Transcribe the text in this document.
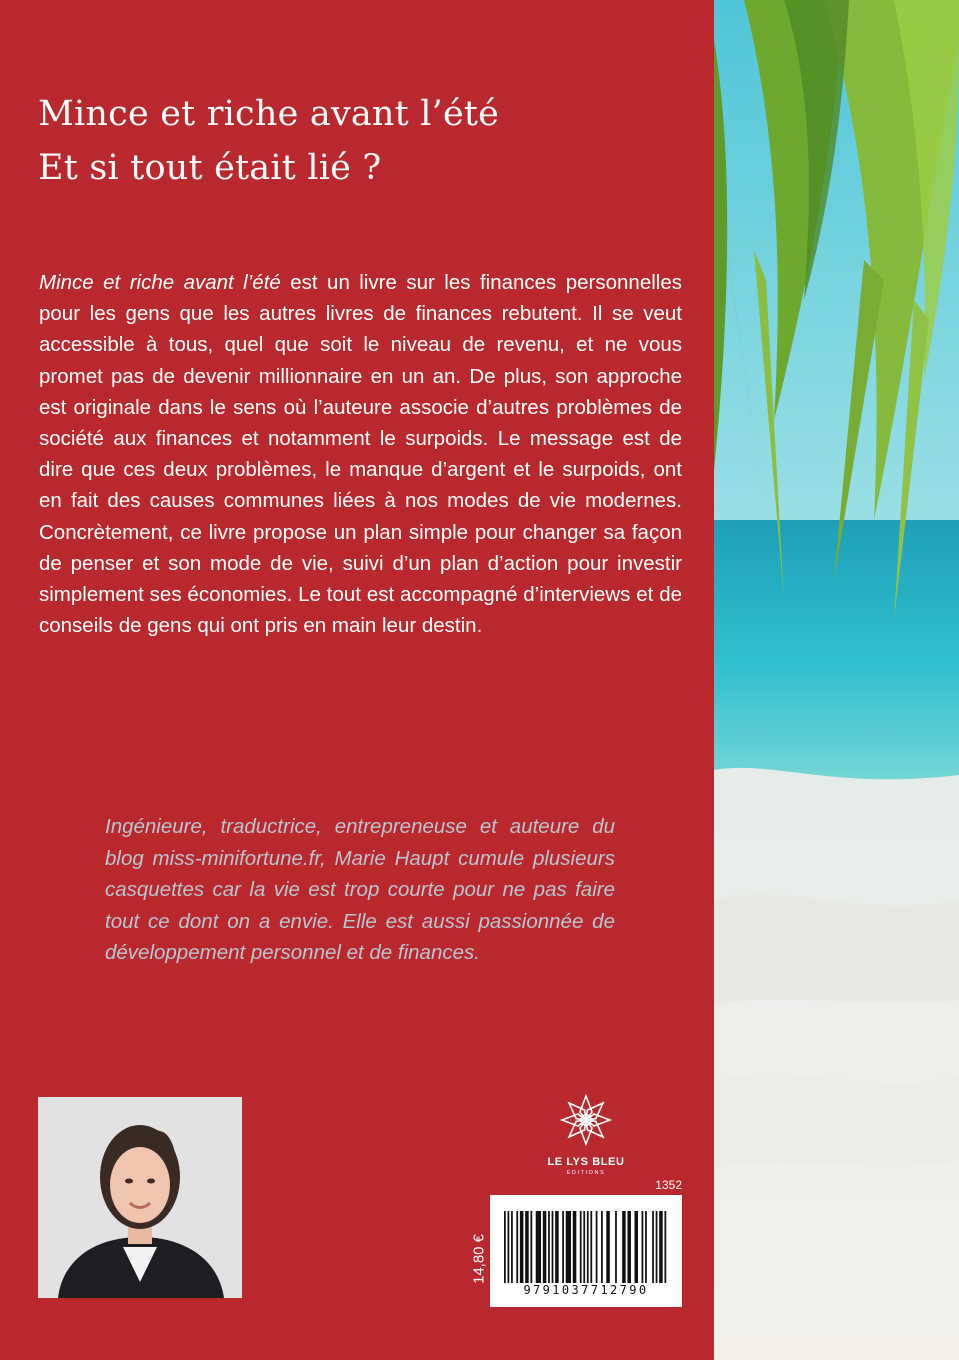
Mince et riche avant l’été
Et si tout était lié ?
Mince et riche avant l’été est un livre sur les finances personnelles pour les gens que les autres livres de finances rebutent. Il se veut accessible à tous, quel que soit le niveau de revenu, et ne vous promet pas de devenir millionnaire en un an. De plus, son approche est originale dans le sens où l’auteure associe d’autres problèmes de société aux finances et notamment le surpoids. Le message est de dire que ces deux problèmes, le manque d’argent et le surpoids, ont en fait des causes communes liées à nos modes de vie modernes. Concrètement, ce livre propose un plan simple pour changer sa façon de penser et son mode de vie, suivi d’un plan d’action pour investir simplement ses économies. Le tout est accompagné d’interviews et de conseils de gens qui ont pris en main leur destin.
Ingénieure, traductrice, entrepreneuse et auteure du blog miss-minifortune.fr, Marie Haupt cumule plusieurs casquettes car la vie est trop courte pour ne pas faire tout ce dont on a envie. Elle est aussi passionnée de développement personnel et de finances.
LE LYS BLEU
ÉDITIONS
1352
14,80 €
9791037712790
